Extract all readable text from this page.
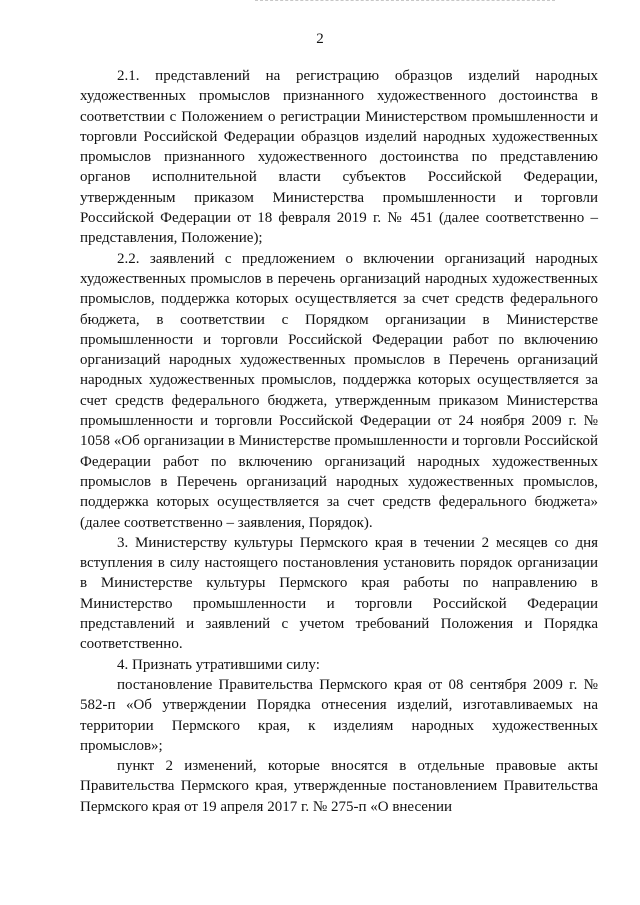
2

2.1. представлений на регистрацию образцов изделий народных художественных промыслов признанного художественного достоинства в соответствии с Положением о регистрации Министерством промышленности и торговли Российской Федерации образцов изделий народных художественных промыслов признанного художественного достоинства по представлению органов исполнительной власти субъектов Российской Федерации, утвержденным приказом Министерства промышленности и торговли Российской Федерации от 18 февраля 2019 г. № 451 (далее соответственно – представления, Положение);

2.2. заявлений с предложением о включении организаций народных художественных промыслов в перечень организаций народных художественных промыслов, поддержка которых осуществляется за счет средств федерального бюджета, в соответствии с Порядком организации в Министерстве промышленности и торговли Российской Федерации работ по включению организаций народных художественных промыслов в Перечень организаций народных художественных промыслов, поддержка которых осуществляется за счет средств федерального бюджета, утвержденным приказом Министерства промышленности и торговли Российской Федерации от 24 ноября 2009 г. № 1058 «Об организации в Министерстве промышленности и торговли Российской Федерации работ по включению организаций народных художественных промыслов в Перечень организаций народных художественных промыслов, поддержка которых осуществляется за счет средств федерального бюджета» (далее соответственно – заявления, Порядок).

3. Министерству культуры Пермского края в течении 2 месяцев со дня вступления в силу настоящего постановления установить порядок организации в Министерстве культуры Пермского края работы по направлению в Министерство промышленности и торговли Российской Федерации представлений и заявлений с учетом требований Положения и Порядка соответственно.

4. Признать утратившими силу:

постановление Правительства Пермского края от 08 сентября 2009 г. № 582-п «Об утверждении Порядка отнесения изделий, изготавливаемых на территории Пермского края, к изделиям народных художественных промыслов»;

пункт 2 изменений, которые вносятся в отдельные правовые акты Правительства Пермского края, утвержденные постановлением Правительства Пермского края от 19 апреля 2017 г. № 275-п «О внесении
